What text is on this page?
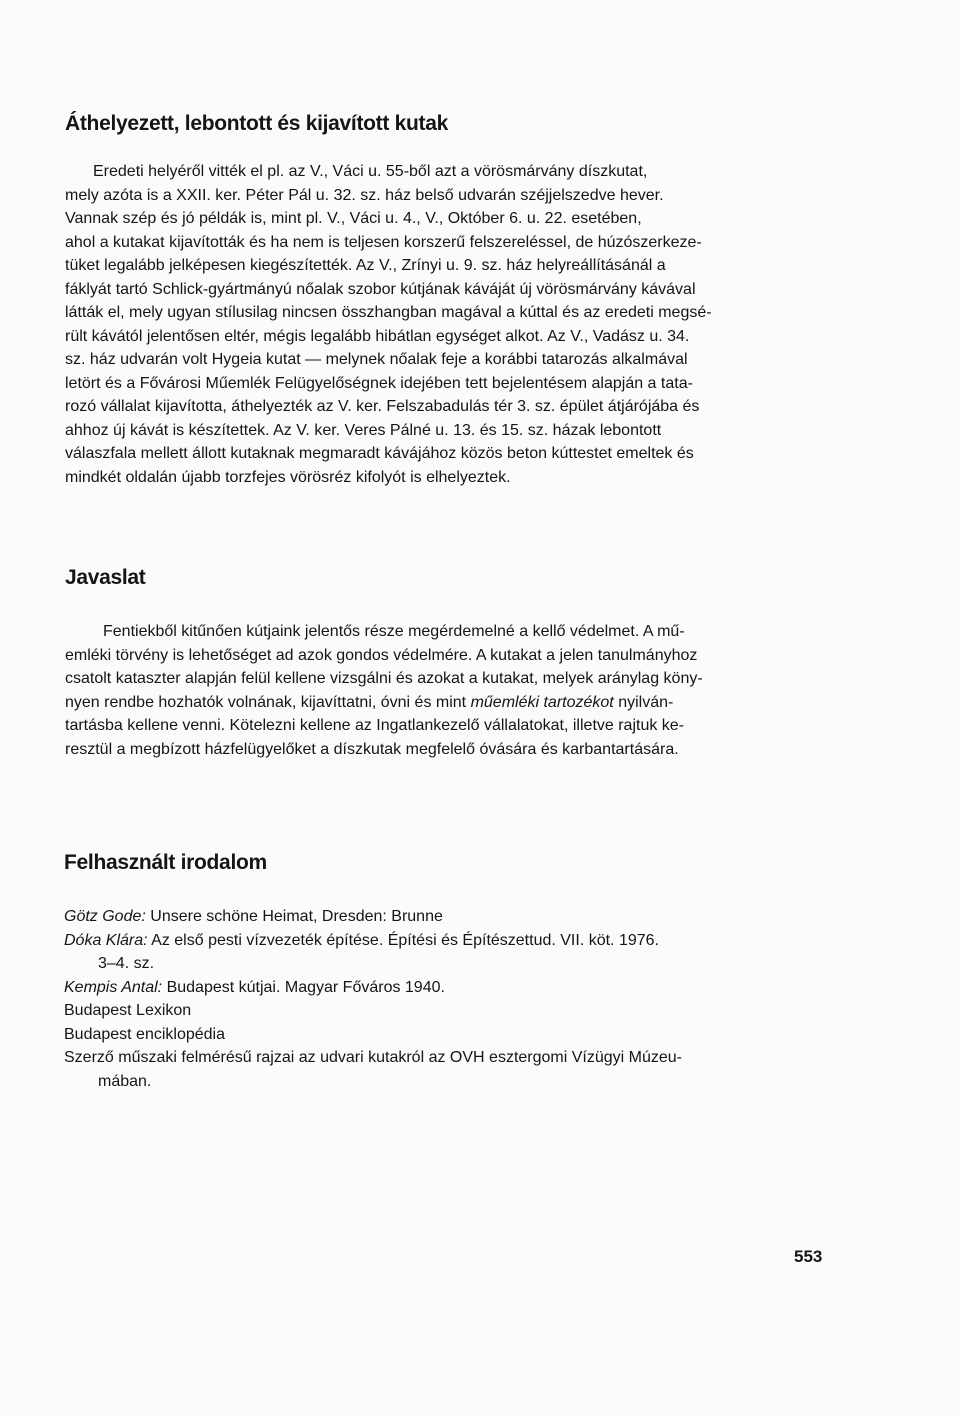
Áthelyezett, lebontott és kijavított kutak
Eredeti helyéről vitték el pl. az V., Váci u. 55-ből azt a vörösmárvány díszkutat,
mely azóta is a XXII. ker. Péter Pál u. 32. sz. ház belső udvarán széjjelszedve hever.
Vannak szép és jó példák is, mint pl. V., Váci u. 4., V., Október 6. u. 22. esetében,
ahol a kutakat kijavították és ha nem is teljesen korszerű felszereléssel, de húzószerkeze-
tüket legalább jelképesen kiegészítették. Az V., Zrínyi u. 9. sz. ház helyreállításánál a
fáklyát tartó Schlick-gyártmányú nőalak szobor kútjának káváját új vörösmárvány kávával
látták el, mely ugyan stílusilag nincsen összhangban magával a kúttal és az eredeti megsé-
rült kávától jelentősen eltér, mégis legalább hibátlan egységet alkot. Az V., Vadász u. 34.
sz. ház udvarán volt Hygeia kutat — melynek nőalak feje a korábbi tatarozás alkalmával
letört és a Fővárosi Műemlék Felügyelőségnek idejében tett bejelentésem alapján a tata-
rozó vállalat kijavította, áthelyezték az V. ker. Felszabadulás tér 3. sz. épület átjárójába és
ahhoz új kávát is készítettek. Az V. ker. Veres Pálné u. 13. és 15. sz. házak lebontott
válaszfala mellett állott kutaknak megmaradt kávájához közös beton kúttestet emeltek és
mindkét oldalán újabb torzfejes vörösréz kifolyót is elhelyeztek.
Javaslat
Fentiekből kitűnően kútjaink jelentős része megérdemelné a kellő védelmet. A mű-
emléki törvény is lehetőséget ad azok gondos védelmére. A kutakat a jelen tanulmányhoz
csatolt kataszter alapján felül kellene vizsgálni és azokat a kutakat, melyek aránylag köny-
nyen rendbe hozhatók volnának, kijavíttatni, óvni és mint műemléki tartozékot nyilván-
tartásba kellene venni. Kötelezni kellene az Ingatlankezelő vállalatokat, illetve rajtuk ke-
resztül a megbízott házfelügyelőket a díszkutak megfelelő óvására és karbantartására.
Felhasznált irodalom
Götz Gode: Unsere schöne Heimat, Dresden: Brunne
Dóka Klára: Az első pesti vízvezeték építése. Építési és Építészettud. VII. köt. 1976.
3–4. sz.
Kempis Antal: Budapest kútjai. Magyar Főváros 1940.
Budapest Lexikon
Budapest enciklopédia
Szerző műszaki felmérésű rajzai az udvari kutakról az OVH esztergomi Vízügyi Múzeu-
mában.
553
